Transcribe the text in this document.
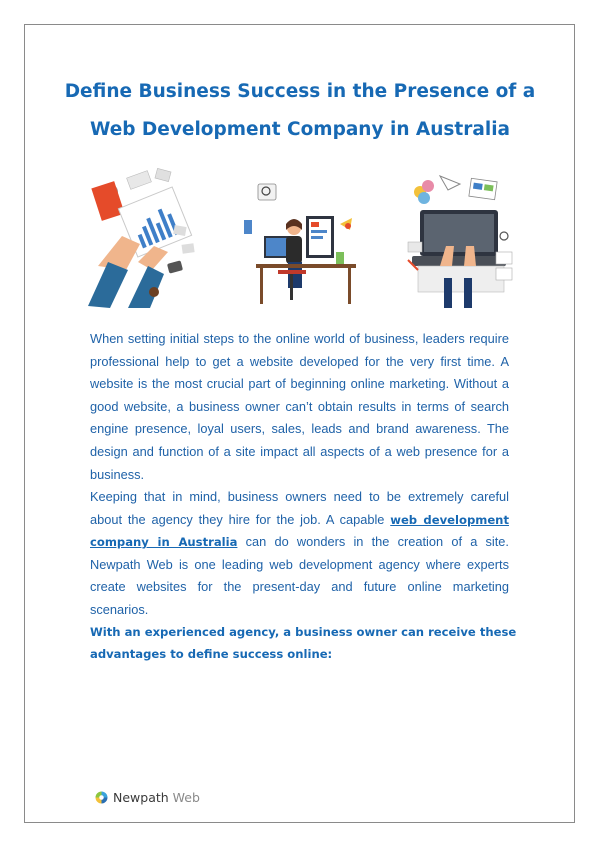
Define Business Success in the Presence of a
Web Development Company in Australia

When setting initial steps to the online world of business, leaders require professional help to get a website developed for the very first time. A website is the most crucial part of beginning online marketing. Without a good website, a business owner can’t obtain results in terms of search engine presence, loyal users, sales, leads and brand awareness. The design and function of a site impact all aspects of a web presence for a business.

Keeping that in mind, business owners need to be extremely careful about the agency they hire for the job. A capable web development company in Australia can do wonders in the creation of a site. Newpath Web is one leading web development agency where experts create websites for the present-day and future online marketing scenarios.

With an experienced agency, a business owner can receive these advantages to define success online:

Newpath Web
